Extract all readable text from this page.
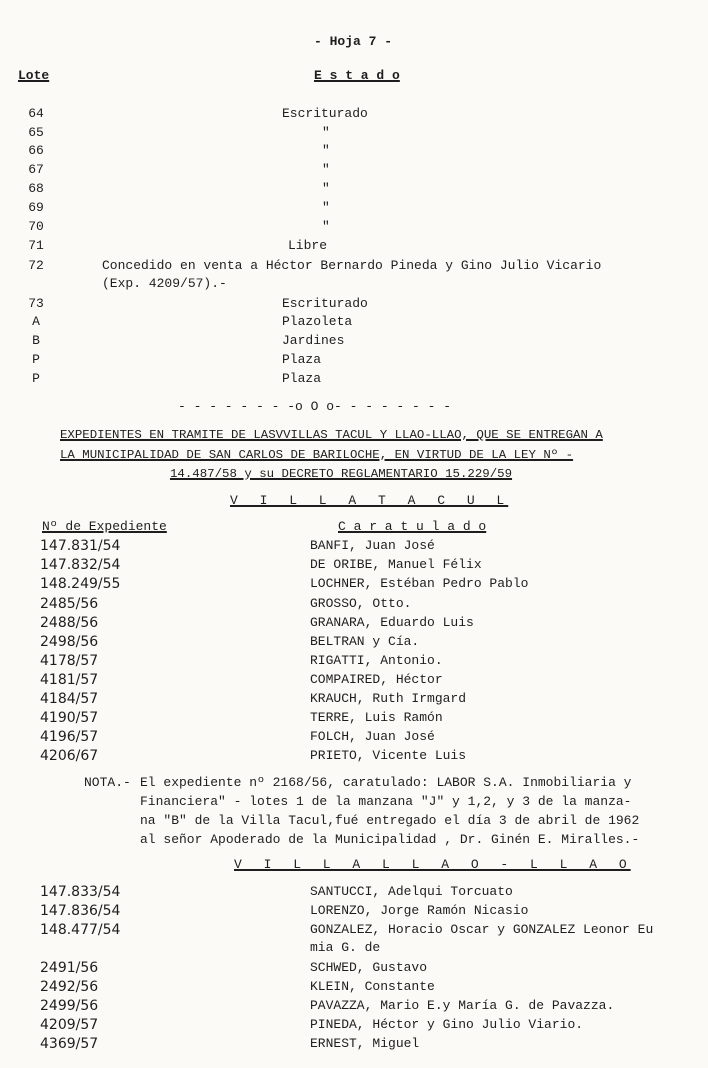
- Hoja 7 -
Lote	E s t a d o
64	Escriturado
65	"
66	"
67	"
68	"
69	"
70	"
71	Libre
72	Concedido en venta a Héctor Bernardo Pineda y Gino Julio Vicario
(Exp. 4209/57).-
73	Escriturado
A	Plazoleta
B	Jardines
P	Plaza
P	Plaza
- - - - - - - -o O o- - - - - - - -
EXPEDIENTES EN TRAMITE DE LASVVILLAS TACUL Y LLAO-LLAO, QUE SE ENTREGAN A
LA MUNICIPALIDAD DE SAN CARLOS DE BARILOCHE, EN VIRTUD DE LA LEY Nº -
14.487/58 y su DECRETO REGLAMENTARIO 15.229/59
V I L L A T A C U L
Nº de Expediente	C a r a t u l a d o
147.831/54	BANFI, Juan José
147.832/54	DE ORIBE, Manuel Félix
148.249/55	LOCHNER, Estéban Pedro Pablo
2485/56	GROSSO, Otto.
2488/56	GRANARA, Eduardo Luis
2498/56	BELTRAN y Cía.
4178/57	RIGATTI, Antonio.
4181/57	COMPAIRED, Héctor
4184/57	KRAUCH, Ruth Irmgard
4190/57	TERRE, Luis Ramón
4196/57	FOLCH, Juan José
4206/67	PRIETO, Vicente Luis
NOTA.- El expediente nº 2168/56, caratulado: LABOR S.A. Inmobiliaria y
Financiera" - lotes 1 de la manzana "J" y 1,2, y 3 de la manza-
na "B" de la Villa Tacul,fué entregado el día 3 de abril de 1962
al señor Apoderado de la Municipalidad , Dr. Ginén E. Miralles.-
V I L L A L L A O - L L A O
147.833/54	SANTUCCI, Adelqui Torcuato
147.836/54	LORENZO, Jorge Ramón Nicasio
148.477/54	GONZALEZ, Horacio Oscar y GONZALEZ Leonor Eu
mia G. de
2491/56	SCHWED, Gustavo
2492/56	KLEIN, Constante
2499/56	PAVAZZA, Mario E.y María G. de Pavazza.
4209/57	PINEDA, Héctor y Gino Julio Viario.
4369/57	ERNEST, Miguel
